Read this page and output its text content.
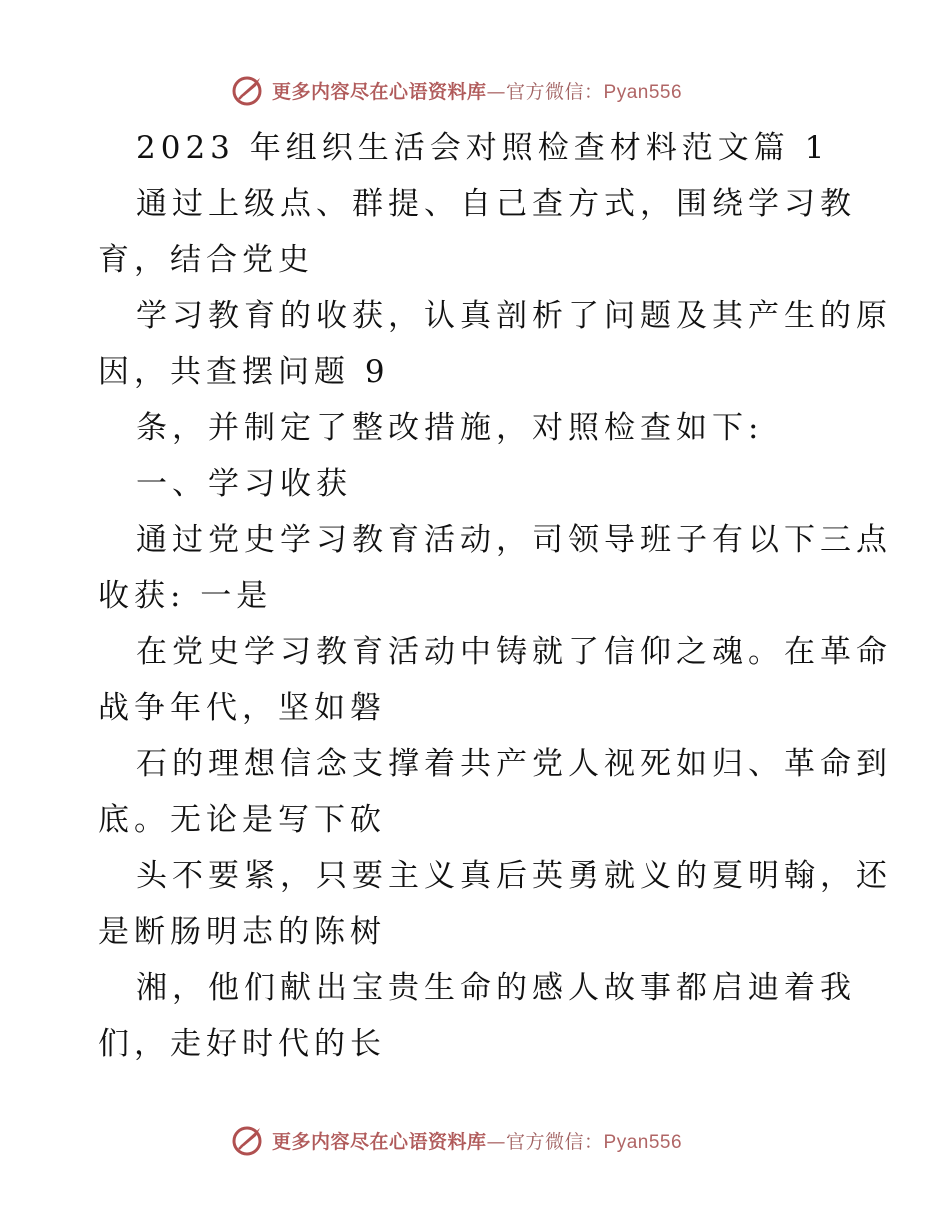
更多内容尽在心语资料库—官方微信：Pyan556
2023 年组织生活会对照检查材料范文篇 1
通过上级点、群提、自己查方式，围绕学习教
育，结合党史
学习教育的收获，认真剖析了问题及其产生的原
因，共查摆问题 9
条，并制定了整改措施，对照检查如下:
一、学习收获
通过党史学习教育活动，司领导班子有以下三点
收获: 一是
在党史学习教育活动中铸就了信仰之魂。在革命
战争年代，坚如磐
石的理想信念支撑着共产党人视死如归、革命到
底。无论是写下砍
头不要紧，只要主义真后英勇就义的夏明翰，还
是断肠明志的陈树
湘，他们献出宝贵生命的感人故事都启迪着我
们，走好时代的长
更多内容尽在心语资料库—官方微信：Pyan556
